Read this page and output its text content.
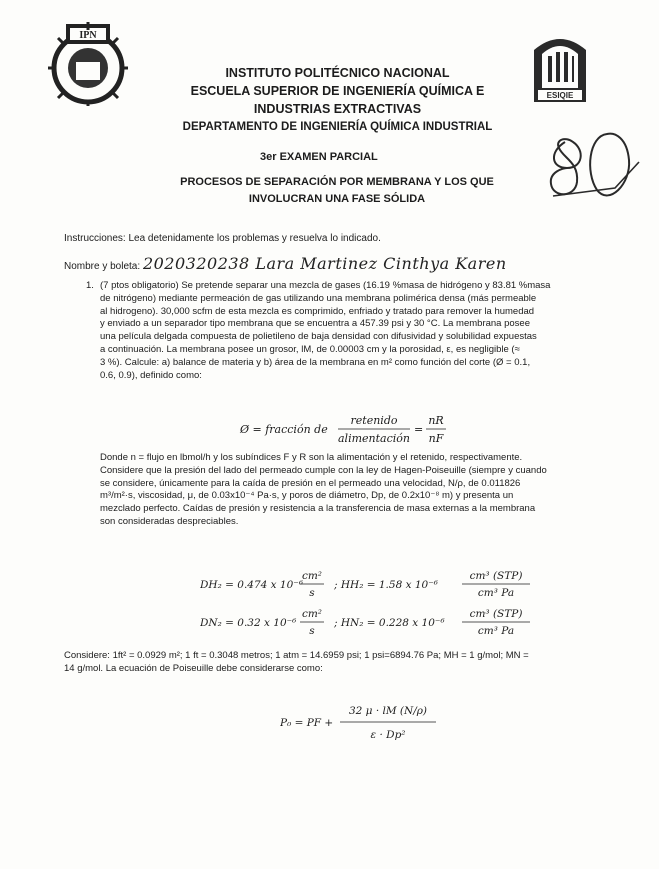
IPN
ESIQIE
INSTITUTO POLITÉCNICO NACIONAL
ESCUELA SUPERIOR DE INGENIERÍA QUÍMICA E
INDUSTRIAS EXTRACTIVAS
DEPARTAMENTO DE INGENIERÍA QUÍMICA INDUSTRIAL
3er EXAMEN PARCIAL
PROCESOS DE SEPARACIÓN POR MEMBRANA Y LOS QUE
INVOLUCRAN UNA FASE SÓLIDA
Instrucciones: Lea detenidamente los problemas y resuelva lo indicado.
Nombre y boleta: 2020320238 Lara Martinez Cinthya Karen
1. (7 ptos obligatorio) Se pretende separar una mezcla de gases (16.19 %masa de hidrógeno y 83.81 %masa
de nitrógeno) mediante permeación de gas utilizando una membrana polimérica densa (más permeable
al hidrogeno). 30,000 scfm de esta mezcla es comprimido, enfriado y tratado para remover la humedad
y enviado a un separador tipo membrana que se encuentra a 457.39 psi y 30 °C. La membrana posee
una película delgada compuesta de polietileno de baja densidad con difusividad y solubilidad expuestas
a continuación. La membrana posee un grosor, lM, de 0.00003 cm y la porosidad, ε, es negligible (≈
3 %). Calcule: a) balance de materia y b) área de la membrana en m² como función del corte (Ø = 0.1,
0.6, 0.9), definido como:
Ø = fracción de
retenido
alimentación
=
nR
nF
Donde n = flujo en lbmol/h y los subíndices F y R son la alimentación y el retenido, respectivamente.
Considere que la presión del lado del permeado cumple con la ley de Hagen-Poiseuille (siempre y cuando
se considere, únicamente para la caída de presión en el permeado una velocidad, N/ρ, de 0.011826
m³/m²·s, viscosidad, μ, de 0.03x10⁻⁴ Pa·s, y poros de diámetro, Dp, de 0.2x10⁻⁸ m) y presenta un
mezclado perfecto. Caídas de presión y resistencia a la transferencia de masa externas a la membrana
son consideradas despreciables.
DH₂ = 0.474 x 10⁻⁶
cm²
s
; HH₂ = 1.58 x 10⁻⁶
cm³ (STP)
cm³ Pa
DN₂ = 0.32 x 10⁻⁶
cm²
s
; HN₂ = 0.228 x 10⁻⁶
cm³ (STP)
cm³ Pa
Considere: 1ft² = 0.0929 m²; 1 ft = 0.3048 metros; 1 atm = 14.6959 psi; 1 psi=6894.76 Pa; MH = 1 g/mol; MN =
14 g/mol. La ecuación de Poiseuille debe considerarse como:
P₀ = PF +
32 μ · lM (N/ρ)
ε · Dp²
